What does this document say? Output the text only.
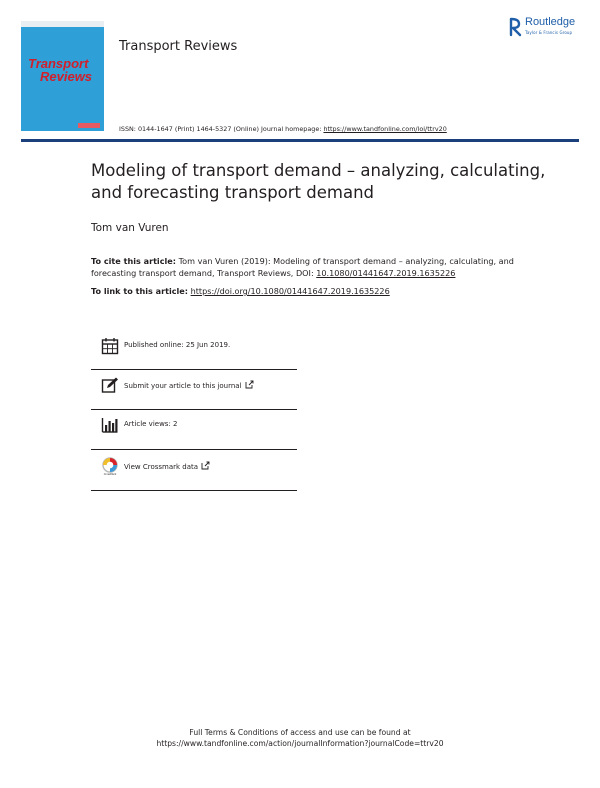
Transport
Reviews
Transport Reviews
Routledge
Taylor & Francis Group
ISSN: 0144-1647 (Print) 1464-5327 (Online) Journal homepage: https://www.tandfonline.com/loi/ttrv20
Modeling of transport demand – analyzing, calculating, and forecasting transport demand
Tom van Vuren
To cite this article: Tom van Vuren (2019): Modeling of transport demand – analyzing, calculating, and forecasting transport demand, Transport Reviews, DOI: 10.1080/01441647.2019.1635226
To link to this article: https://doi.org/10.1080/01441647.2019.1635226
Published online: 25 Jun 2019.
Submit your article to this journal
Article views: 2
CrossMark
View Crossmark data
Full Terms & Conditions of access and use can be found at
https://www.tandfonline.com/action/journalInformation?journalCode=ttrv20
